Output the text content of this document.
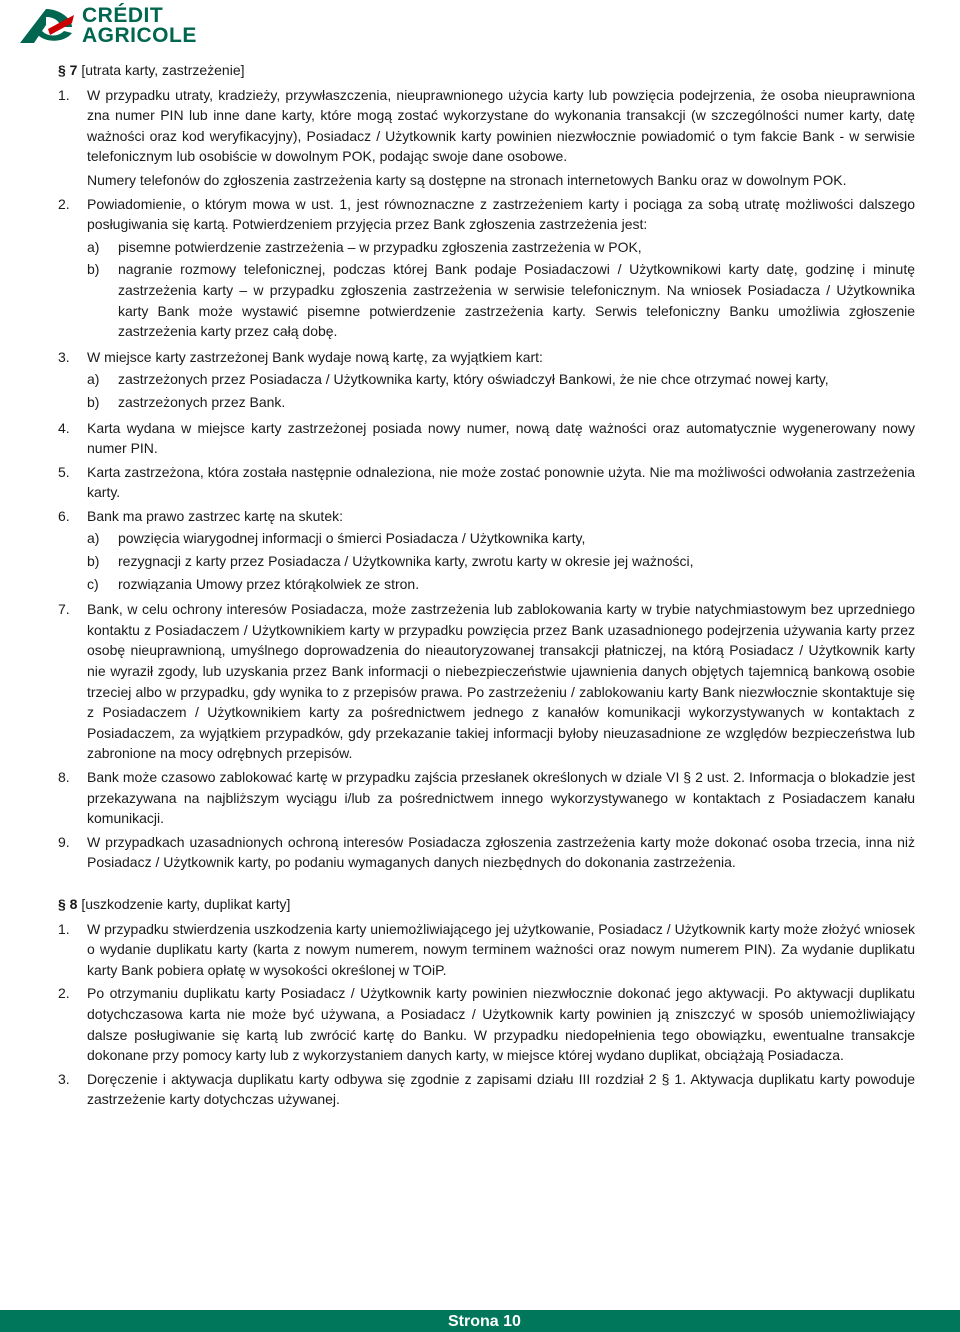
CRÉDIT
AGRICOLE
§ 7 [utrata karty, zastrzeżenie]
1.	W przypadku utraty, kradzieży, przywłaszczenia, nieuprawnionego użycia karty lub powzięcia podejrzenia, że osoba nieuprawniona zna numer PIN lub inne dane karty, które mogą zostać wykorzystane do wykonania transakcji (w szczególności numer karty, datę ważności oraz kod weryfikacyjny), Posiadacz / Użytkownik karty powinien niezwłocznie powiadomić o tym fakcie Bank - w serwisie telefonicznym lub osobiście w dowolnym POK, podając swoje dane osobowe.

Numery telefonów do zgłoszenia zastrzeżenia karty są dostępne na stronach internetowych Banku oraz w dowolnym POK.
2.	Powiadomienie, o którym mowa w ust. 1, jest równoznaczne z zastrzeżeniem karty i pociąga za sobą utratę możliwości dalszego posługiwania się kartą. Potwierdzeniem przyjęcia przez Bank zgłoszenia zastrzeżenia jest:

a)	pisemne potwierdzenie zastrzeżenia – w przypadku zgłoszenia zastrzeżenia w POK,
b)	nagranie rozmowy telefonicznej, podczas której Bank podaje Posiadaczowi / Użytkownikowi karty datę, godzinę i minutę zastrzeżenia karty – w przypadku zgłoszenia zastrzeżenia w serwisie telefonicznym. Na wniosek Posiadacza / Użytkownika karty Bank może wystawić pisemne potwierdzenie zastrzeżenia karty. Serwis telefoniczny Banku umożliwia zgłoszenie zastrzeżenia karty przez całą dobę.
3.	W miejsce karty zastrzeżonej Bank wydaje nową kartę, za wyjątkiem kart:

a)	zastrzeżonych przez Posiadacza / Użytkownika karty, który oświadczył Bankowi, że nie chce otrzymać nowej karty,
b)	zastrzeżonych przez Bank.
4.	Karta wydana w miejsce karty zastrzeżonej posiada nowy numer, nową datę ważności oraz automatycznie wygenerowany nowy numer PIN.

5.	Karta zastrzeżona, która została następnie odnaleziona, nie może zostać ponownie użyta. Nie ma możliwości odwołania zastrzeżenia karty.

6.	Bank ma prawo zastrzec kartę na skutek:

a)	powzięcia wiarygodnej informacji o śmierci Posiadacza / Użytkownika karty,
b)	rezygnacji z karty przez Posiadacza / Użytkownika karty, zwrotu karty w okresie jej ważności,
c)	rozwiązania Umowy przez którąkolwiek ze stron.
7.	Bank, w celu ochrony interesów Posiadacza, może zastrzeżenia lub zablokowania karty w trybie natychmiastowym bez uprzedniego kontaktu z Posiadaczem / Użytkownikiem karty w przypadku powzięcia przez Bank uzasadnionego podejrzenia używania karty przez osobę nieuprawnioną, umyślnego doprowadzenia do nieautoryzowanej transakcji płatniczej, na którą Posiadacz / Użytkownik karty nie wyraził zgody, lub uzyskania przez Bank informacji o niebezpieczeństwie ujawnienia danych objętych tajemnicą bankową osobie trzeciej albo w przypadku, gdy wynika to z przepisów prawa. Po zastrzeżeniu / zablokowaniu karty Bank niezwłocznie skontaktuje się z Posiadaczem / Użytkownikiem karty za pośrednictwem jednego z kanałów komunikacji wykorzystywanych w kontaktach z Posiadaczem, za wyjątkiem przypadków, gdy przekazanie takiej informacji byłoby nieuzasadnione ze względów bezpieczeństwa lub zabronione na mocy odrębnych przepisów.

8.	Bank może czasowo zablokować kartę w przypadku zajścia przesłanek określonych w dziale VI § 2 ust. 2. Informacja o blokadzie jest przekazywana na najbliższym wyciągu i/lub za pośrednictwem innego wykorzystywanego w kontaktach z Posiadaczem kanału komunikacji.

9.	W przypadkach uzasadnionych ochroną interesów Posiadacza zgłoszenia zastrzeżenia karty może dokonać osoba trzecia, inna niż Posiadacz / Użytkownik karty, po podaniu wymaganych danych niezbędnych do dokonania zastrzeżenia.

§ 8 [uszkodzenie karty, duplikat karty]
1.	W przypadku stwierdzenia uszkodzenia karty uniemożliwiającego jej użytkowanie, Posiadacz / Użytkownik karty może złożyć wniosek o wydanie duplikatu karty (karta z nowym numerem, nowym terminem ważności oraz nowym numerem PIN). Za wydanie duplikatu karty Bank pobiera opłatę w wysokości określonej w TOiP.

2.	Po otrzymaniu duplikatu karty Posiadacz / Użytkownik karty powinien niezwłocznie dokonać jego aktywacji. Po aktywacji duplikatu dotychczasowa karta nie może być używana, a Posiadacz / Użytkownik karty powinien ją zniszczyć w sposób uniemożliwiający dalsze posługiwanie się kartą lub zwrócić kartę do Banku. W przypadku niedopełnienia tego obowiązku, ewentualne transakcje dokonane przy pomocy karty lub z wykorzystaniem danych karty, w miejsce której wydano duplikat, obciążają Posiadacza.

3.	Doręczenie i aktywacja duplikatu karty odbywa się zgodnie z zapisami działu III rozdział 2 § 1. Aktywacja duplikatu karty powoduje zastrzeżenie karty dotychczas używanej.

Strona 10
